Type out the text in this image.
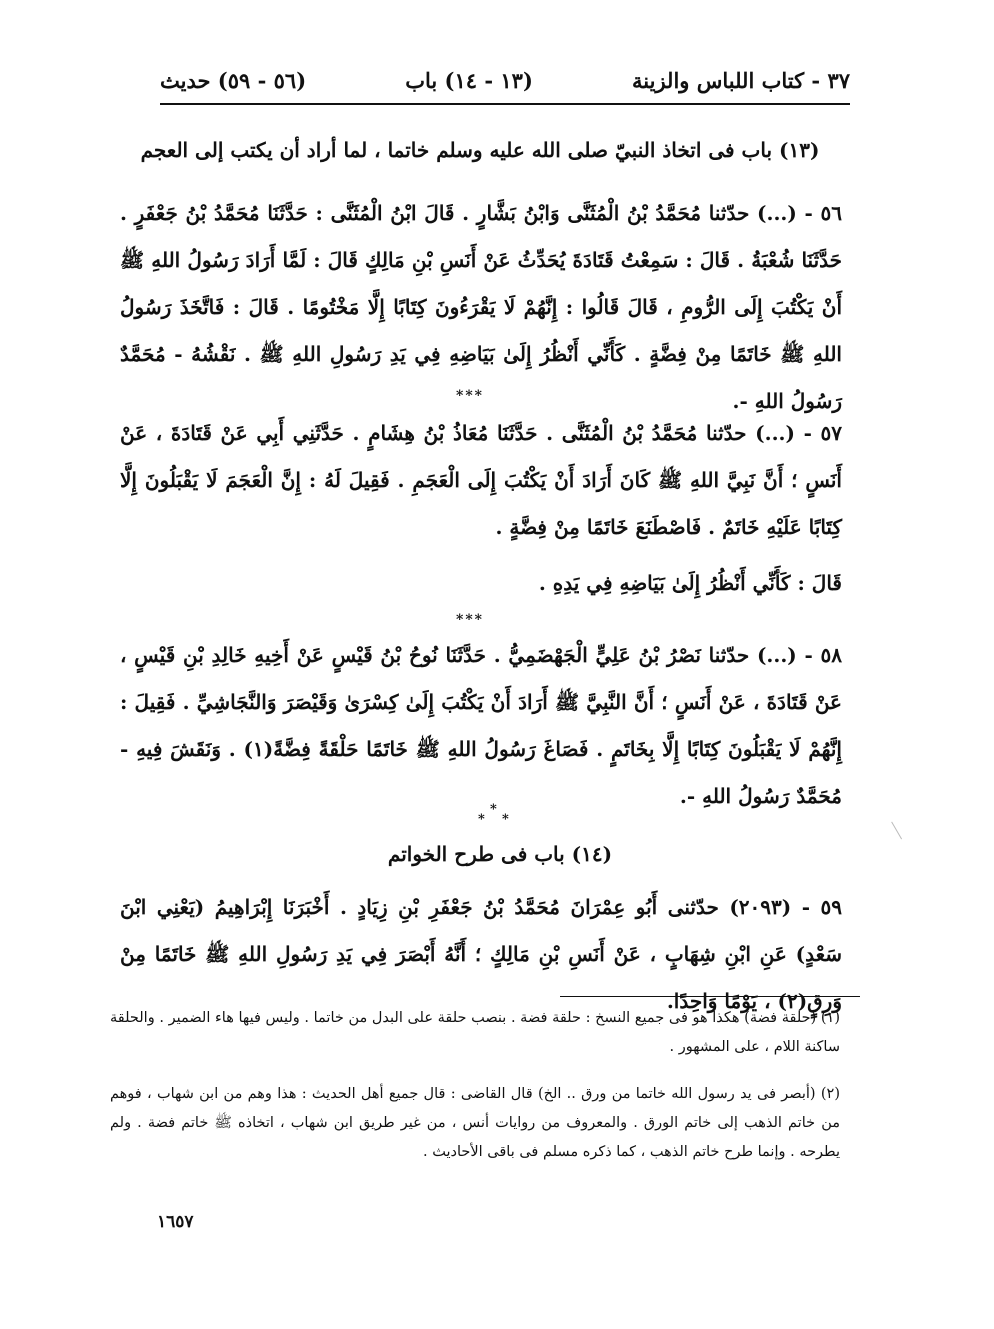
٣٧ - كتاب اللباس والزينة
(١٣ - ١٤) باب
(٥٦ - ٥٩) حديث
(١٣) باب فى اتخاذ النبيّ صلى الله عليه وسلم خاتما ، لما أراد أن يكتب إلى العجم
٥٦ - (...) حدّثنا مُحَمَّدُ بْنُ الْمُثَنَّى وَابْنُ بَشَّارٍ . قَالَ ابْنُ الْمُثَنَّى : حَدَّثَنَا مُحَمَّدُ بْنُ جَعْفَرٍ . حَدَّثَنَا شُعْبَةُ . قَالَ : سَمِعْتُ قَتَادَةَ يُحَدِّثُ عَنْ أَنَسِ بْنِ مَالِكٍ قَالَ : لَمَّا أَرَادَ رَسُولُ اللهِ ﷺ أَنْ يَكْتُبَ إِلَى الرُّومِ ، قَالَ قَالُوا : إِنَّهُمْ لَا يَقْرَءُونَ كِتَابًا إِلَّا مَخْتُومًا . قَالَ : فَاتَّخَذَ رَسُولُ اللهِ ﷺ خَاتَمًا مِنْ فِضَّةٍ . كَأَنِّي أَنْظُرُ إِلَىٰ بَيَاضِهِ فِي يَدِ رَسُولِ اللهِ ﷺ . نَقْشُهُ - مُحَمَّدٌ رَسُولُ اللهِ -.
***
٥٧ - (...) حدّثنا مُحَمَّدُ بْنُ الْمُثَنَّى . حَدَّثَنَا مُعَاذُ بْنُ هِشَامٍ . حَدَّثَنِي أَبِي عَنْ قَتَادَةَ ، عَنْ أَنَسٍ ؛ أَنَّ نَبِيَّ اللهِ ﷺ كَانَ أَرَادَ أَنْ يَكْتُبَ إِلَى الْعَجَمِ . فَقِيلَ لَهُ : إِنَّ الْعَجَمَ لَا يَقْبَلُونَ إِلَّا كِتَابًا عَلَيْهِ خَاتَمٌ . فَاصْطَنَعَ خَاتَمًا مِنْ فِضَّةٍ .
قَالَ : كَأَنِّي أَنْظُرُ إِلَىٰ بَيَاضِهِ فِي يَدِهِ .
***
٥٨ - (...) حدّثنا نَصْرُ بْنُ عَلِيٍّ الْجَهْضَمِيُّ . حَدَّثَنَا نُوحُ بْنُ قَيْسٍ عَنْ أَخِيهِ خَالِدِ بْنِ قَيْسٍ ، عَنْ قَتَادَةَ ، عَنْ أَنَسٍ ؛ أَنَّ النَّبِيَّ ﷺ أَرَادَ أَنْ يَكْتُبَ إِلَىٰ كِسْرَىٰ وَقَيْصَرَ وَالنَّجَاشِيِّ . فَقِيلَ : إِنَّهُمْ لَا يَقْبَلُونَ كِتَابًا إِلَّا بِخَاتَمٍ . فَصَاغَ رَسُولُ اللهِ ﷺ خَاتَمًا حَلْقَةً فِضَّةً(١) . وَنَقَشَ فِيهِ - مُحَمَّدٌ رَسُولُ اللهِ -.
*
*
*
(١٤) باب فى طرح الخواتم
٥٩ - (٢٠٩٣) حدّثنى أَبُو عِمْرَانَ مُحَمَّدُ بْنُ جَعْفَرِ بْنِ زِيَادٍ . أَخْبَرَنَا إِبْرَاهِيمُ (يَعْنِي ابْنَ سَعْدٍ) عَنِ ابْنِ شِهَابٍ ، عَنْ أَنَسِ بْنِ مَالِكٍ ؛ أَنَّهُ أَبْصَرَ فِي يَدِ رَسُولِ اللهِ ﷺ خَاتَمًا مِنْ وَرِقٍ(٢) ، يَوْمًا وَاحِدًا.
(١) (حلقة فضة) هكذا هو فى جميع النسخ : حلقة فضة . بنصب حلقة على البدل من خاتما . وليس فيها هاء الضمير . والحلقة ساكنة اللام ، على المشهور .
(٢) (أبصر فى يد رسول الله خاتما من ورق .. الخ) قال القاضى : قال جميع أهل الحديث : هذا وهم من ابن شهاب ، فوهم من خاتم الذهب إلى خاتم الورق . والمعروف من روايات أنس ، من غير طريق ابن شهاب ، اتخاذه ﷺ خاتم فضة . ولم يطرحه . وإنما طرح خاتم الذهب ، كما ذكره مسلم فى باقى الأحاديث .
١٦٥٧
